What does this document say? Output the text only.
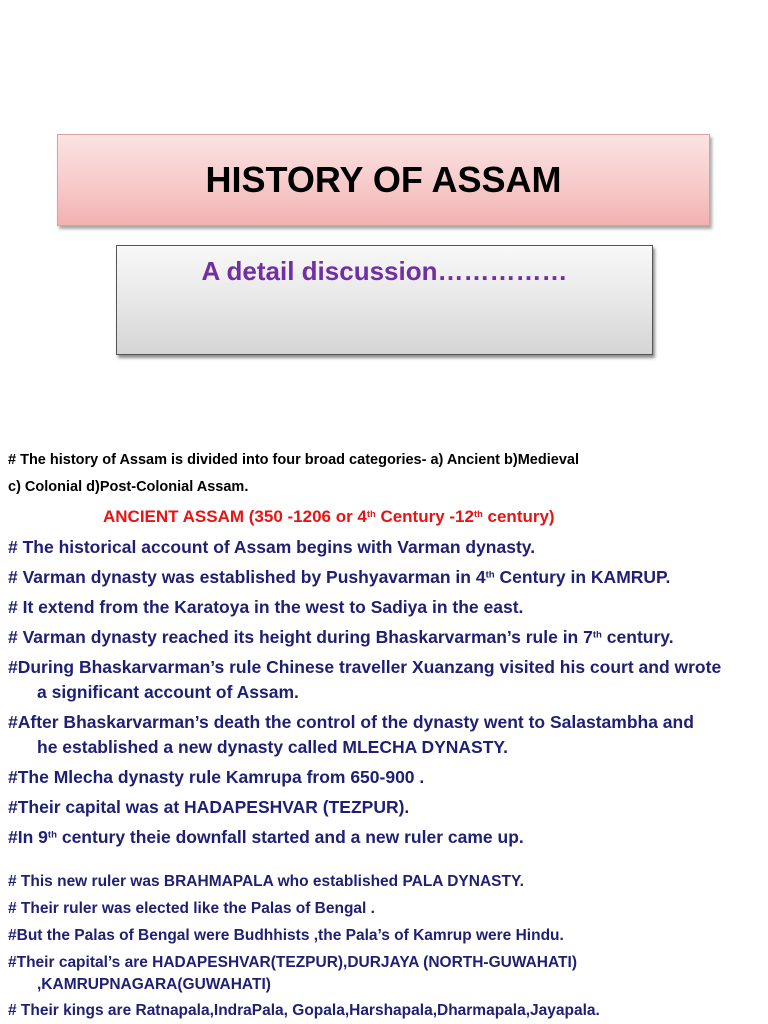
HISTORY OF ASSAM
A detail discussion……………
# The history of Assam is divided into four broad categories- a) Ancient b)Medieval
c) Colonial d)Post-Colonial Assam.
ANCIENT ASSAM (350 -1206 or 4th Century -12th century)
# The historical account of Assam begins with Varman dynasty.
# Varman dynasty was established by Pushyavarman in 4th Century in KAMRUP.
# It extend from the Karatoya in the west to Sadiya in the east.
# Varman dynasty reached its height during Bhaskarvarman’s rule in 7th century.
#During Bhaskarvarman’s rule Chinese traveller Xuanzang visited his court and wrote
a significant account of Assam.
#After Bhaskarvarman’s death the control of the dynasty went to Salastambha and
he established a new dynasty called MLECHA DYNASTY.
#The Mlecha dynasty rule Kamrupa from 650-900 .
#Their capital was at HADAPESHVAR (TEZPUR).
#In 9th century theie downfall started and a new ruler came up.
# This new ruler was BRAHMAPALA who established PALA DYNASTY.
# Their ruler was elected like the Palas of Bengal .
#But the Palas of Bengal were Budhhists ,the Pala’s of Kamrup were Hindu.
#Their capital’s are HADAPESHVAR(TEZPUR),DURJAYA (NORTH-GUWAHATI)
,KAMRUPNAGARA(GUWAHATI)
# Their kings are Ratnapala,IndraPala, Gopala,Harshapala,Dharmapala,Jayapala.
